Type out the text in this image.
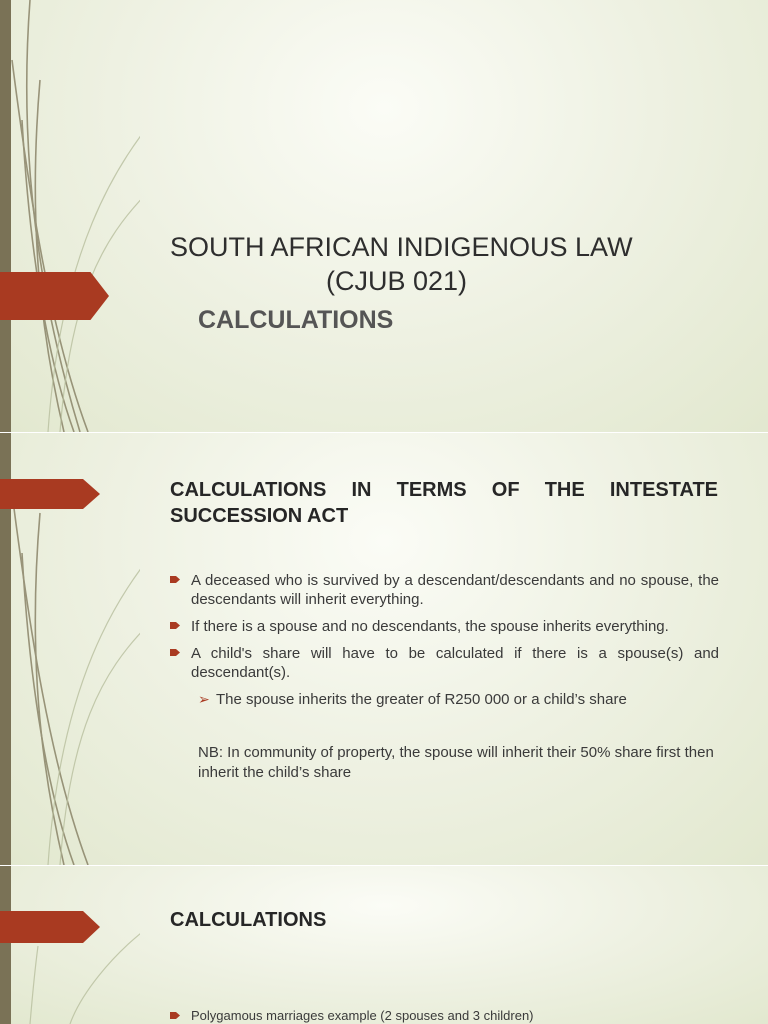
SOUTH AFRICAN INDIGENOUS LAW

(CJUB 021)
CALCULATIONS
CALCULATIONS IN TERMS OF THE INTESTATE SUCCESSION ACT
A deceased who is survived by a descendant/descendants and no spouse, the descendants will inherit everything.
If there is a spouse and no descendants, the spouse inherits everything.
A child's share will have to be calculated if there is a spouse(s) and descendant(s).

➢ The spouse inherits the greater of R250 000 or a child’s share

NB: In community of property, the spouse will inherit their 50% share first then inherit the child’s share

CALCULATIONS

Polygamous marriages example (2 spouses and 3 children)
